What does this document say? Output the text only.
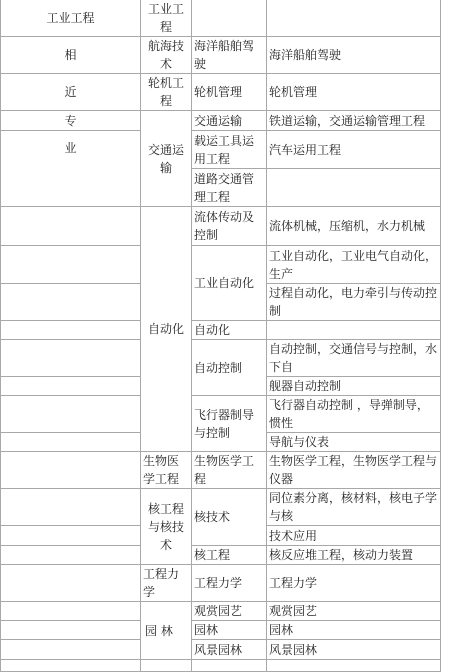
工业工程	工业工程		
相	航海技术	海洋船舶驾驶	海洋船舶驾驶
近	轮机工程	轮机管理	轮机管理
专	交通运输	交通运输	铁道运输，交通运输管理工程
业		载运工具运用工程	汽车运用工程
		道路交通管理工程	
	自动化	流体传动及控制	流体机械，压缩机，水力机械
		工业自动化	工业自动化，工业电气自动化，生产
			过程自动化，电力牵引与传动控制
		自动化	
		自动控制	自动控制，交通信号与控制，水下自
			舰器自动控制
		飞行器制导与控制	飞行器自动控制 ，导弹制导，惯性
			导航与仪表
	生物医学工程	生物医学工程	生物医学工程，生物医学工程与仪器
	核工程与核技术	核技术	同位素分离，核材料，核电子学与核
			技术应用
		核工程	核反应堆工程，核动力装置
	工程力学	工程力学	工程力学
	园 林	观赏园艺	观赏园艺
		园林	园林
		风景园林	风景园林
